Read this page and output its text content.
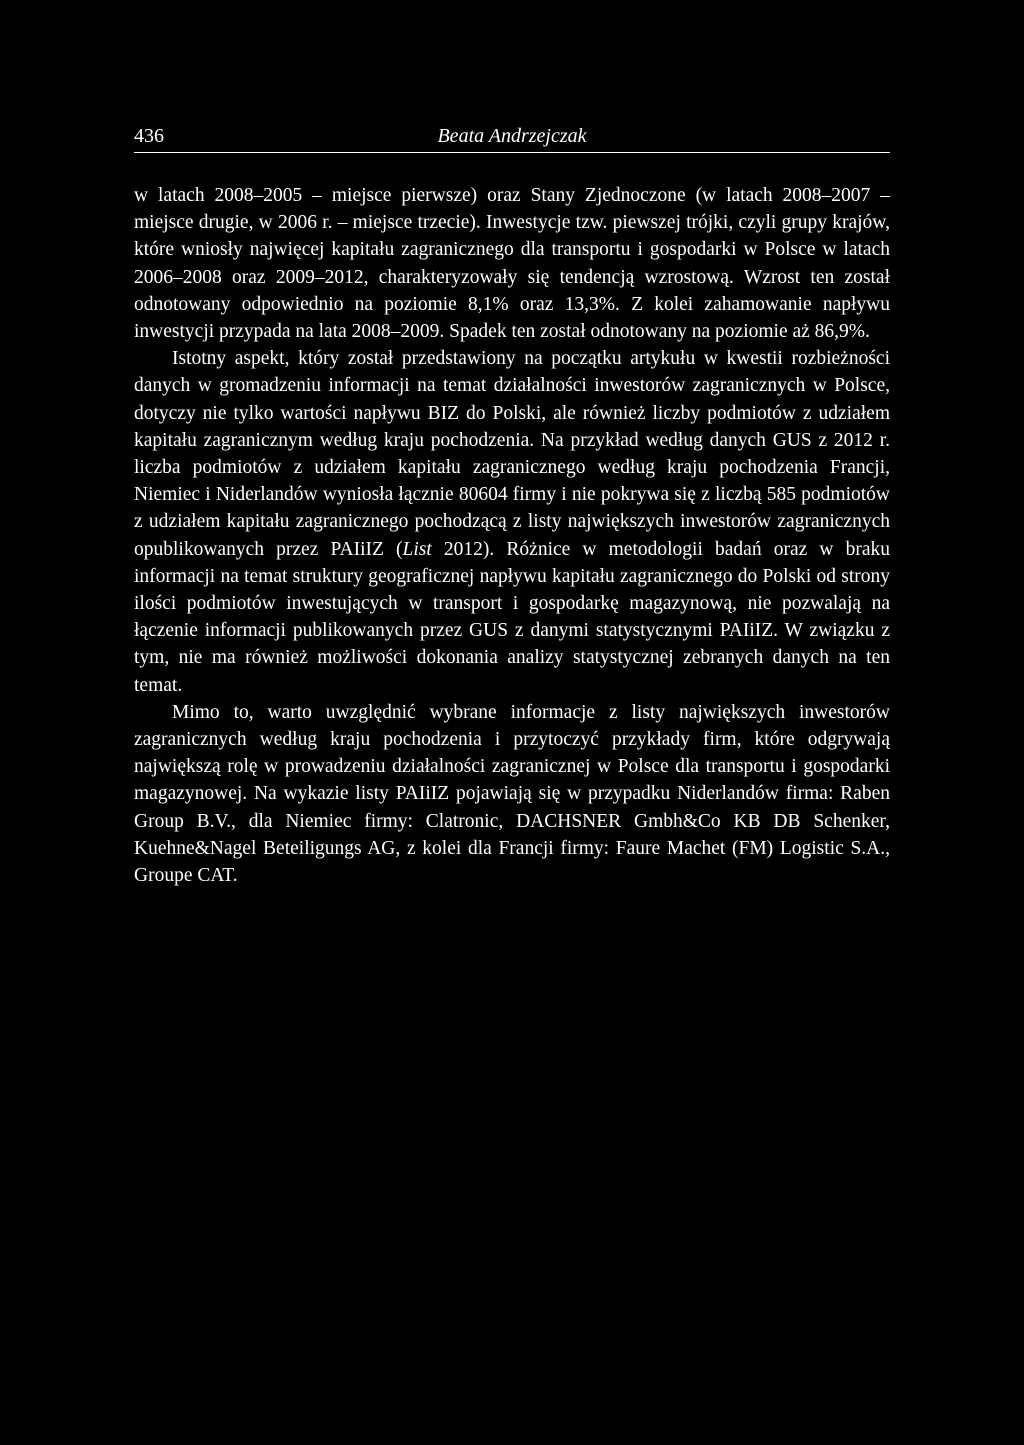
436	Beata Andrzejczak

w latach 2008–2005 – miejsce pierwsze) oraz Stany Zjednoczone (w latach 2008–2007 – miejsce drugie, w 2006 r. – miejsce trzecie). Inwestycje tzw. piewszej trójki, czyli grupy krajów, które wniosły najwięcej kapitału zagranicznego dla transportu i gospodarki w Polsce w latach 2006–2008 oraz 2009–2012, charakteryzowały się tendencją wzrostową. Wzrost ten został odnotowany odpowiednio na poziomie 8,1% oraz 13,3%. Z kolei zahamowanie napływu inwestycji przypada na lata 2008–2009. Spadek ten został odnotowany na poziomie aż 86,9%.

Istotny aspekt, który został przedstawiony na początku artykułu w kwestii rozbieżności danych w gromadzeniu informacji na temat działalności inwestorów zagranicznych w Polsce, dotyczy nie tylko wartości napływu BIZ do Polski, ale również liczby podmiotów z udziałem kapitału zagranicznym według kraju pochodzenia. Na przykład według danych GUS z 2012 r. liczba podmiotów z udziałem kapitału zagranicznego według kraju pochodzenia Francji, Niemiec i Niderlandów wyniosła łącznie 80604 firmy i nie pokrywa się z liczbą 585 podmiotów z udziałem kapitału zagranicznego pochodzącą z listy największych inwestorów zagranicznych opublikowanych przez PAIiIZ (List 2012). Różnice w metodologii badań oraz w braku informacji na temat struktury geograficznej napływu kapitału zagranicznego do Polski od strony ilości podmiotów inwestujących w transport i gospodarkę magazynową, nie pozwalają na łączenie informacji publikowanych przez GUS z danymi statystycznymi PAIiIZ. W związku z tym, nie ma również możliwości dokonania analizy statystycznej zebranych danych na ten temat.

Mimo to, warto uwzględnić wybrane informacje z listy największych inwestorów zagranicznych według kraju pochodzenia i przytoczyć przykłady firm, które odgrywają największą rolę w prowadzeniu działalności zagranicznej w Polsce dla transportu i gospodarki magazynowej. Na wykazie listy PAIiIZ pojawiają się w przypadku Niderlandów firma: Raben Group B.V., dla Niemiec firmy: Clatronic, DACHSNER Gmbh&Co KB DB Schenker, Kuehne&Nagel Beteiligungs AG, z kolei dla Francji firmy: Faure Machet (FM) Logistic S.A., Groupe CAT.
